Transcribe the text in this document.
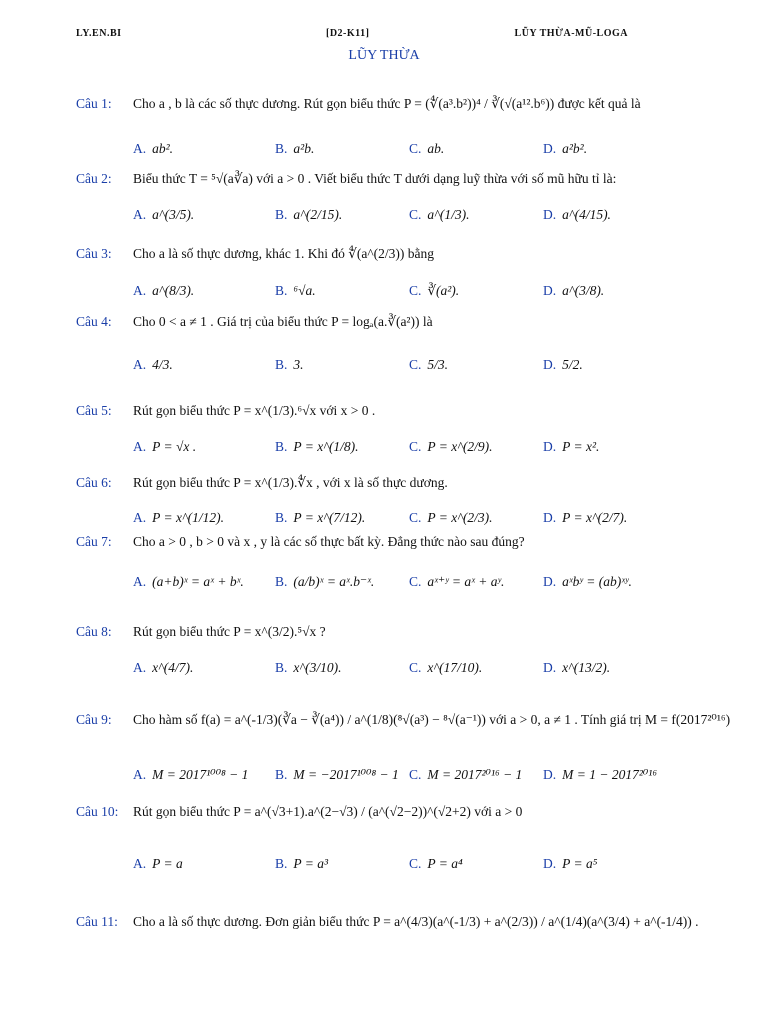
LY.EN.BI	[D2-K11]	LŨY THỪA-MŨ-LOGA
LŨY THỪA
Câu 1:	Cho a , b là các số thực dương. Rút gọn biểu thức P = (∜(a³.b²))⁴ / ∛(√(a¹².b⁶)) được kết quả là
A. ab².	B. a²b.	C. ab.	D. a²b².
Câu 2:	Biểu thức T = ⁵√(a∛a) với a > 0 . Viết biểu thức T dưới dạng luỹ thừa với số mũ hữu tỉ là:
A. a^(3/5).	B. a^(2/15).	C. a^(1/3).	D. a^(4/15).
Câu 3:	Cho a là số thực dương, khác 1. Khi đó ∜(a^(2/3)) bằng
A. a^(8/3).	B. ⁶√a.	C. ∛(a²).	D. a^(3/8).
Câu 4:	Cho 0 < a ≠ 1 . Giá trị của biểu thức P = logₐ(a.∛(a²)) là
A. 4/3.	B. 3.	C. 5/3.	D. 5/2.
Câu 5:	Rút gọn biểu thức P = x^(1/3).⁶√x với x > 0 .
A. P = √x .	B. P = x^(1/8).	C. P = x^(2/9).	D. P = x².
Câu 6:	Rút gọn biểu thức P = x^(1/3).∜x , với x là số thực dương.
A. P = x^(1/12).	B. P = x^(7/12).	C. P = x^(2/3).	D. P = x^(2/7).
Câu 7:	Cho a > 0 , b > 0 và x , y là các số thực bất kỳ. Đẳng thức nào sau đúng?
A. (a+b)ˣ = aˣ + bˣ. B. (a/b)ˣ = aˣ.b⁻ˣ.	C. aˣ⁺ʸ = aˣ + aʸ.	D. aˣbʸ = (ab)ˣʸ.
Câu 8:	Rút gọn biểu thức P = x^(3/2).⁵√x ?
A. x^(4/7).	B. x^(3/10).	C. x^(17/10).	D. x^(13/2).
Câu 9:	Cho hàm số f(a) = a^(-1/3)(∛a − ∛(a⁴)) / a^(1/8)(⁸√(a³) − ⁸√(a⁻¹)) với a > 0, a ≠ 1 . Tính giá trị M = f(2017²⁰¹⁶)
A. M = 2017¹⁰⁰⁸ − 1 B. M = −2017¹⁰⁰⁸ − 1 C. M = 2017²⁰¹⁶ − 1 D. M = 1 − 2017²⁰¹⁶
Câu 10:	Rút gọn biểu thức P = a^(√3+1).a^(2−√3) / (a^(√2−2))^(√2+2) với a > 0
A. P = a	B. P = a³	C. P = a⁴	D. P = a⁵
Câu 11:	Cho a là số thực dương. Đơn giản biểu thức P = a^(4/3)(a^(-1/3) + a^(2/3)) / a^(1/4)(a^(3/4) + a^(-1/4)) .
